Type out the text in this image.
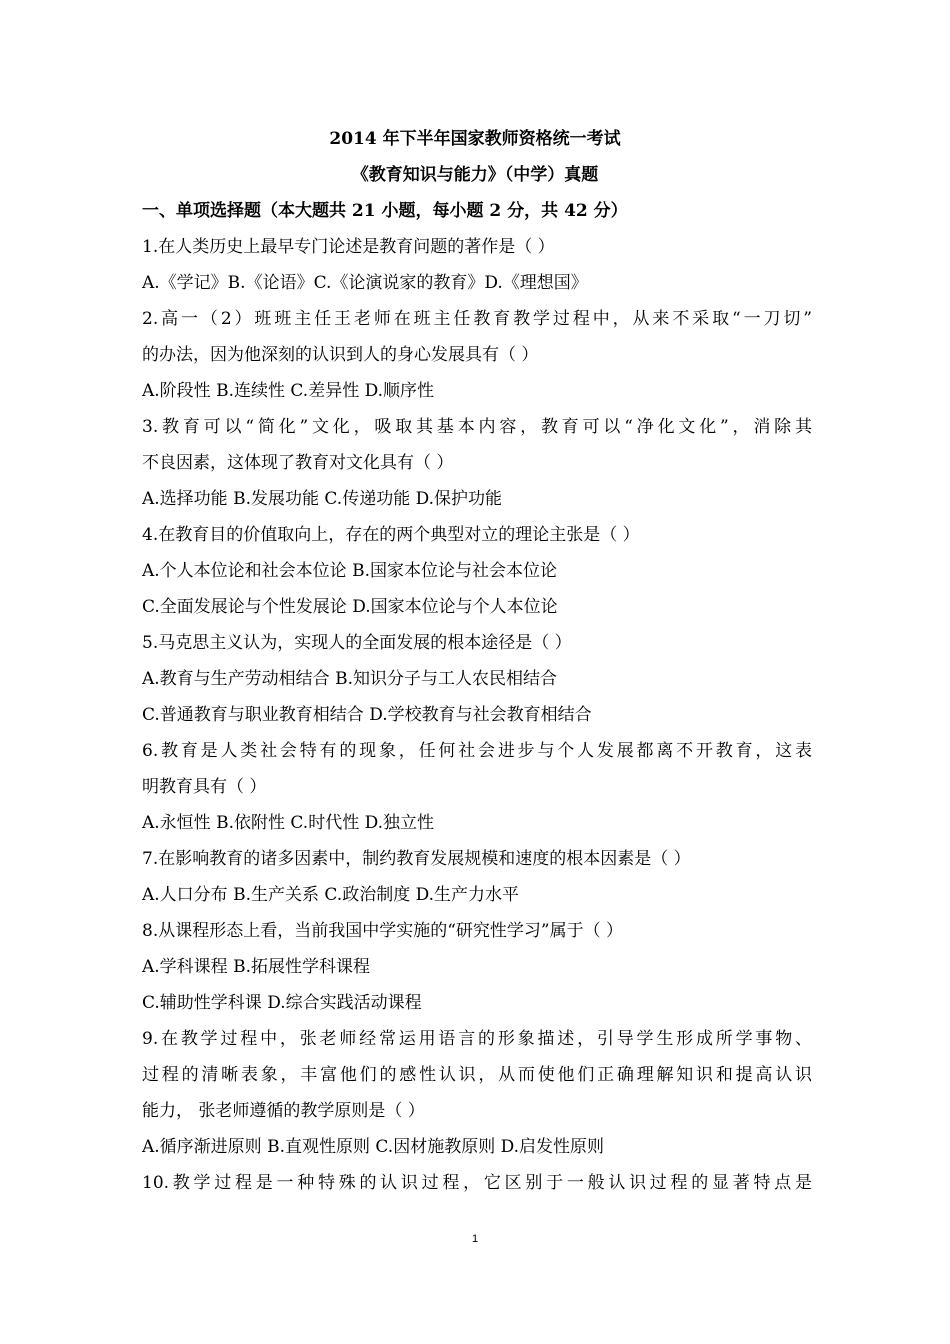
2014 年下半年国家教师资格统一考试
《教育知识与能力》（中学）真题
一、单项选择题（本大题共 21 小题，每小题 2 分，共 42 分）
1.在人类历史上最早专门论述是教育问题的著作是（ ）
A.《学记》B.《论语》C.《论演说家的教育》D.《理想国》
2.高一（2）班班主任王老师在班主任教育教学过程中，从来不采取“一刀切”
的办法，因为他深刻的认识到人的身心发展具有（ ）
A.阶段性 B.连续性 C.差异性 D.顺序性
3.教育可以“简化”文化，吸取其基本内容，教育可以“净化文化”，消除其
不良因素，这体现了教育对文化具有（ ）
A.选择功能 B.发展功能 C.传递功能 D.保护功能
4.在教育目的价值取向上，存在的两个典型对立的理论主张是（ ）
A.个人本位论和社会本位论 B.国家本位论与社会本位论
C.全面发展论与个性发展论 D.国家本位论与个人本位论
5.马克思主义认为，实现人的全面发展的根本途径是（ ）
A.教育与生产劳动相结合 B.知识分子与工人农民相结合
C.普通教育与职业教育相结合 D.学校教育与社会教育相结合
6.教育是人类社会特有的现象，任何社会进步与个人发展都离不开教育，这表
明教育具有（ ）
A.永恒性 B.依附性 C.时代性 D.独立性
7.在影响教育的诸多因素中，制约教育发展规模和速度的根本因素是（ ）
A.人口分布 B.生产关系 C.政治制度 D.生产力水平
8.从课程形态上看，当前我国中学实施的“研究性学习”属于（ ）
A.学科课程 B.拓展性学科课程
C.辅助性学科课 D.综合实践活动课程
9.在教学过程中，张老师经常运用语言的形象描述，引导学生形成所学事物、
过程的清晰表象，丰富他们的感性认识，从而使他们正确理解知识和提高认识
能力， 张老师遵循的教学原则是（ ）
A.循序渐进原则 B.直观性原则 C.因材施教原则 D.启发性原则
10.教学过程是一种特殊的认识过程，它区别于一般认识过程的显著特点是
1
